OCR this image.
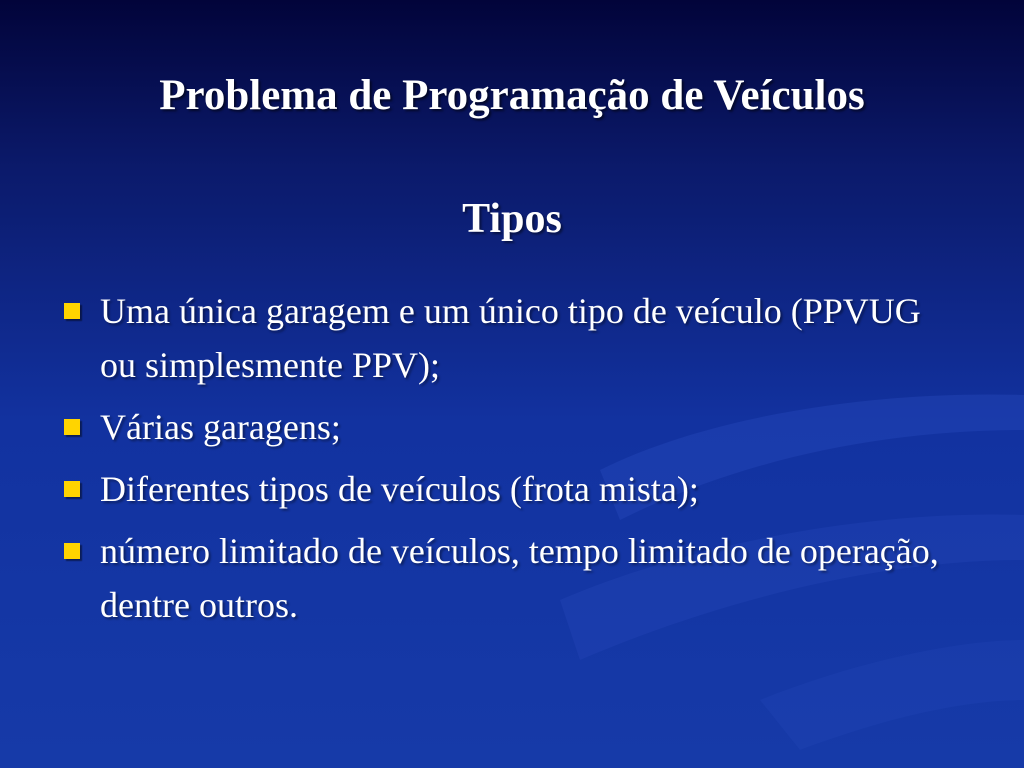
Problema de Programação de Veículos
Tipos
Uma única garagem e um único tipo de veículo (PPVUG ou simplesmente PPV);
Várias garagens;
Diferentes tipos de veículos (frota mista);
número limitado de veículos, tempo limitado de operação, dentre outros.
